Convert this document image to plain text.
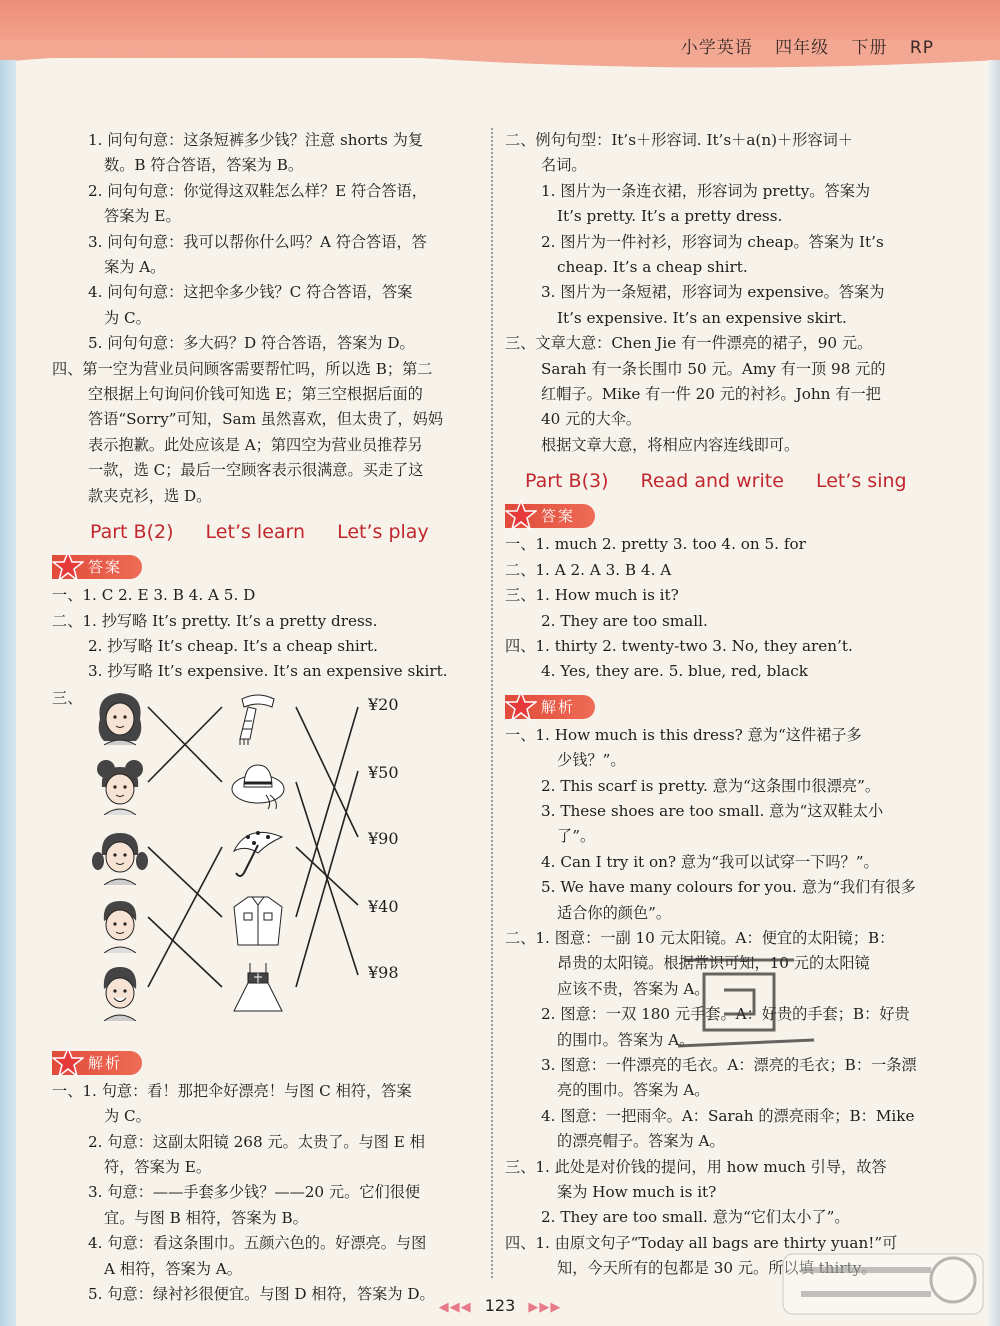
小学英语 四年级 下册 RP

1. 问句句意：这条短裤多少钱？注意 shorts 为复

数。B 符合答语，答案为 B。

2. 问句句意：你觉得这双鞋怎么样？E 符合答语，

答案为 E。

3. 问句句意：我可以帮你什么吗？A 符合答语，答

案为 A。

4. 问句句意：这把伞多少钱？C 符合答语，答案

为 C。

5. 问句句意：多大码？D 符合答语，答案为 D。

四、第一空为营业员问顾客需要帮忙吗，所以选 B；第二

空根据上句询问价钱可知选 E；第三空根据后面的

答语“Sorry”可知，Sam 虽然喜欢，但太贵了，妈妈

表示抱歉。此处应该是 A；第四空为营业员推荐另

一款，选 C；最后一空顾客表示很满意。买走了这

款夹克衫，选 D。

Part B(2) Let’s learn Let’s play
答案

一、1. C 2. E 3. B 4. A 5. D

二、1. 抄写略 It’s pretty. It’s a pretty dress.

2. 抄写略 It’s cheap. It’s a cheap shirt.

3. 抄写略 It’s expensive. It’s an expensive skirt.

三、	¥20
¥50
¥90
¥40
¥98
解析

一、1. 句意：看！那把伞好漂亮！与图 C 相符，答案

为 C。

2. 句意：这副太阳镜 268 元。太贵了。与图 E 相

符，答案为 E。

3. 句意：——手套多少钱？——20 元。它们很便

宜。与图 B 相符，答案为 B。

4. 句意：看这条围巾。五颜六色的。好漂亮。与图

A 相符，答案为 A。

5. 句意：绿衬衫很便宜。与图 D 相符，答案为 D。

二、例句句型：It’s＋形容词. It’s＋a(n)＋形容词＋

名词。

1. 图片为一条连衣裙，形容词为 pretty。答案为

It’s pretty. It’s a pretty dress.

2. 图片为一件衬衫，形容词为 cheap。答案为 It’s

cheap. It’s a cheap shirt.

3. 图片为一条短裙，形容词为 expensive。答案为

It’s expensive. It’s an expensive skirt.

三、文章大意：Chen Jie 有一件漂亮的裙子，90 元。

Sarah 有一条长围巾 50 元。Amy 有一顶 98 元的

红帽子。Mike 有一件 20 元的衬衫。John 有一把

40 元的大伞。

根据文章大意，将相应内容连线即可。

Part B(3) Read and write Let’s sing
答案

一、1. much 2. pretty 3. too 4. on 5. for

二、1. A 2. A 3. B 4. A

三、1. How much is it?

2. They are too small.

四、1. thirty 2. twenty-two 3. No, they aren’t.

4. Yes, they are. 5. blue, red, black

解析

一、1. How much is this dress? 意为“这件裙子多

少钱？”。

2. This scarf is pretty. 意为“这条围巾很漂亮”。

3. These shoes are too small. 意为“这双鞋太小

了”。

4. Can I try it on? 意为“我可以试穿一下吗？”。

5. We have many colours for you. 意为“我们有很多

适合你的颜色”。

二、1. 图意：一副 10 元太阳镜。A：便宜的太阳镜；B：

昂贵的太阳镜。根据常识可知，10 元的太阳镜

应该不贵，答案为 A。

2. 图意：一双 180 元手套。A：好贵的手套；B：好贵

的围巾。答案为 A。

3. 图意：一件漂亮的毛衣。A：漂亮的毛衣；B：一条漂

亮的围巾。答案为 A。

4. 图意：一把雨伞。A：Sarah 的漂亮雨伞；B：Mike

的漂亮帽子。答案为 A。

三、1. 此处是对价钱的提问，用 how much 引导，故答

案为 How much is it?

2. They are too small. 意为“它们太小了”。

四、1. 由原文句子“Today all bags are thirty yuan!”可

知，今天所有的包都是 30 元。所以填 thirty。

◀◀◀ 123 ▶▶▶
